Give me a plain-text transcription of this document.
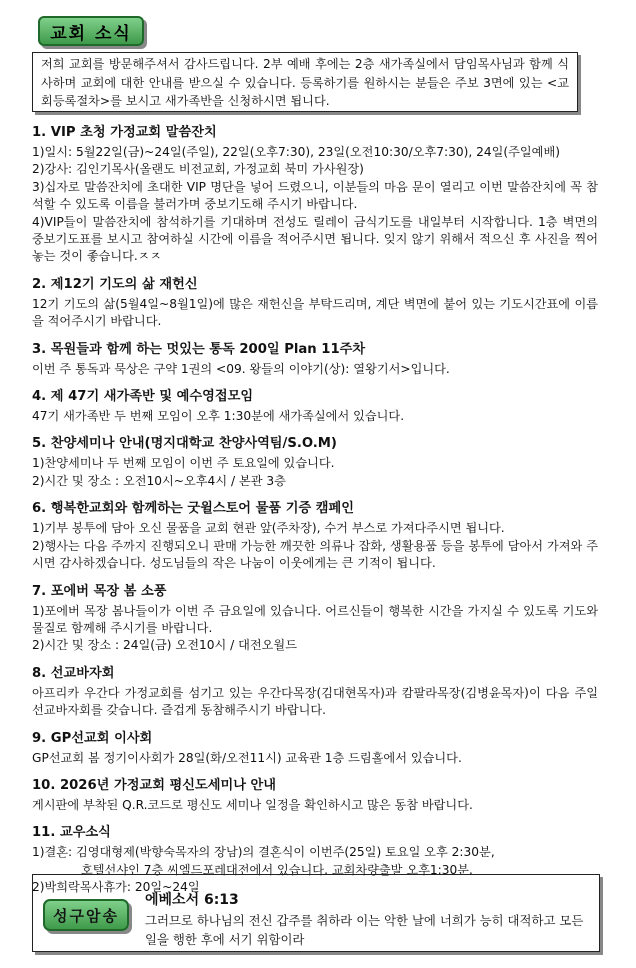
교회 소식
저희 교회를 방문해주셔서 감사드립니다. 2부 예배 후에는 2층 새가족실에서 담임목사님과 함께 식사하며 교회에 대한 안내를 받으실 수 있습니다. 등록하기를 원하시는 분들은 주보 3면에 있는 <교회등록절차>를 보시고 새가족반을 신청하시면 됩니다.
1. VIP 초청 가정교회 말씀잔치

1)일시: 5월22일(금)~24일(주일), 22일(오후7:30), 23일(오전10:30/오후7:30), 24일(주일예배)

2)강사: 김인기목사(올랜도 비전교회, 가정교회 북미 가사원장)

3)십자로 말씀잔치에 초대한 VIP 명단을 넣어 드렸으니, 이분들의 마음 문이 열리고 이번 말씀잔치에 꼭 참석할 수 있도록 이름을 불러가며 중보기도해 주시기 바랍니다.

4)VIP들이 말씀잔치에 참석하기를 기대하며 전성도 릴레이 금식기도를 내일부터 시작합니다. 1층 벽면의 중보기도표를 보시고 참여하실 시간에 이름을 적어주시면 됩니다. 잊지 않기 위해서 적으신 후 사진을 찍어 놓는 것이 좋습니다.ㅈㅈ

2. 제12기 기도의 삶 재헌신

12기 기도의 삶(5월4일~8월1일)에 많은 재헌신을 부탁드리며, 계단 벽면에 붙어 있는 기도시간표에 이름을 적어주시기 바랍니다.

3. 목원들과 함께 하는 멋있는 통독 200일 Plan 11주차

이번 주 통독과 묵상은 구약 1권의 <09. 왕들의 이야기(상): 열왕기서>입니다.

4. 제 47기 새가족반 및 예수영접모임

47기 새가족반 두 번째 모임이 오후 1:30분에 새가족실에서 있습니다.

5. 찬양세미나 안내(명지대학교 찬양사역팀/S.O.M)

1)찬양세미나 두 번째 모임이 이번 주 토요일에 있습니다.

2)시간 및 장소 : 오전10시~오후4시 / 본관 3층

6. 행복한교회와 함께하는 굿윌스토어 물품 기증 캠페인

1)기부 봉투에 담아 오신 물품을 교회 현관 앞(주차장), 수거 부스로 가져다주시면 됩니다.

2)행사는 다음 주까지 진행되오니 판매 가능한 깨끗한 의류나 잡화, 생활용품 등을 봉투에 담아서 가져와 주시면 감사하겠습니다. 성도님들의 작은 나눔이 이웃에게는 큰 기적이 됩니다.

7. 포에버 목장 봄 소풍

1)포에버 목장 봄나들이가 이번 주 금요일에 있습니다. 어르신들이 행복한 시간을 가지실 수 있도록 기도와 물질로 함께해 주시기를 바랍니다.

2)시간 및 장소 : 24일(금) 오전10시 / 대전오월드

8. 선교바자회

아프리카 우간다 가정교회를 섬기고 있는 우간다목장(김대현목자)과 캄팔라목장(김병윤목자)이 다음 주일 선교바자회를 갖습니다. 즐겁게 동참해주시기 바랍니다.

9. GP선교회 이사회

GP선교회 봄 정기이사회가 28일(화/오전11시) 교육관 1층 드림홀에서 있습니다.

10. 2026년 가정교회 평신도세미나 안내

게시판에 부착된 Q.R.코드로 평신도 세미나 일정을 확인하시고 많은 동참 바랍니다.

11. 교우소식

1)결혼: 김영대형제(박향숙목자의 장남)의 결혼식이 이번주(25일) 토요일 오후 2:30분,

호텔선샤인 7층 씨엘드포레대전에서 있습니다. 교회차량출발 오후1:30분.

2)박희락목사휴가: 20일~24일

성구암송
에베소서 6:13
그러므로 하나님의 전신 갑주를 취하라 이는 악한 날에 너희가 능히 대적하고 모든 일을 행한 후에 서기 위함이라
